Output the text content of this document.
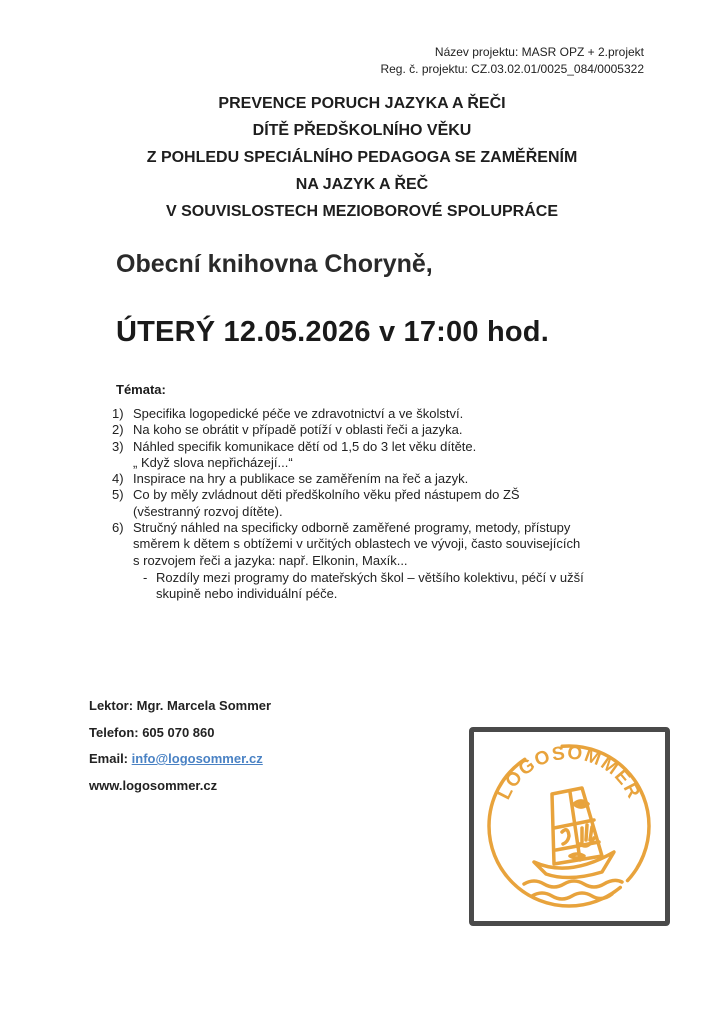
Název projektu: MASR OPZ + 2.projekt
Reg. č. projektu: CZ.03.02.01/0025_084/0005322
PREVENCE PORUCH JAZYKA A ŘEČI
DÍTĚ PŘEDŠKOLNÍHO VĚKU
Z POHLEDU SPECIÁLNÍHO PEDAGOGA SE ZAMĚŘENÍM
NA JAZYK A ŘEČ
V SOUVISLOSTECH MEZIOBOROVÉ SPOLUPRÁCE
Obecní knihovna Choryně,
ÚTERÝ 12.05.2026 v 17:00 hod.
Témata:
1) Specifika logopedické péče ve zdravotnictví a ve školství.
2) Na koho se obrátit v případě potíží v oblasti řeči a jazyka.
3) Náhled specifik komunikace dětí od 1,5 do 3 let věku dítěte.
„ Když slova nepřicházejí...“
4) Inspirace na hry a publikace se zaměřením na řeč a jazyk.
5) Co by měly zvládnout děti předškolního věku před nástupem do ZŠ
(všestranný rozvoj dítěte).
6) Stručný náhled na specificky odborně zaměřené programy, metody, přístupy
směrem k dětem s obtížemi v určitých oblastech ve vývoji, často souvisejících
s rozvojem řeči a jazyka: např. Elkonin, Maxík...
- Rozdíly mezi programy do mateřských škol – většího kolektivu, péčí v užší
skupině nebo individuální péče.
Lektor: Mgr. Marcela Sommer
Telefon: 605 070 860
Email: info@logosommer.cz
www.logosommer.cz	LOGOSOMMER
